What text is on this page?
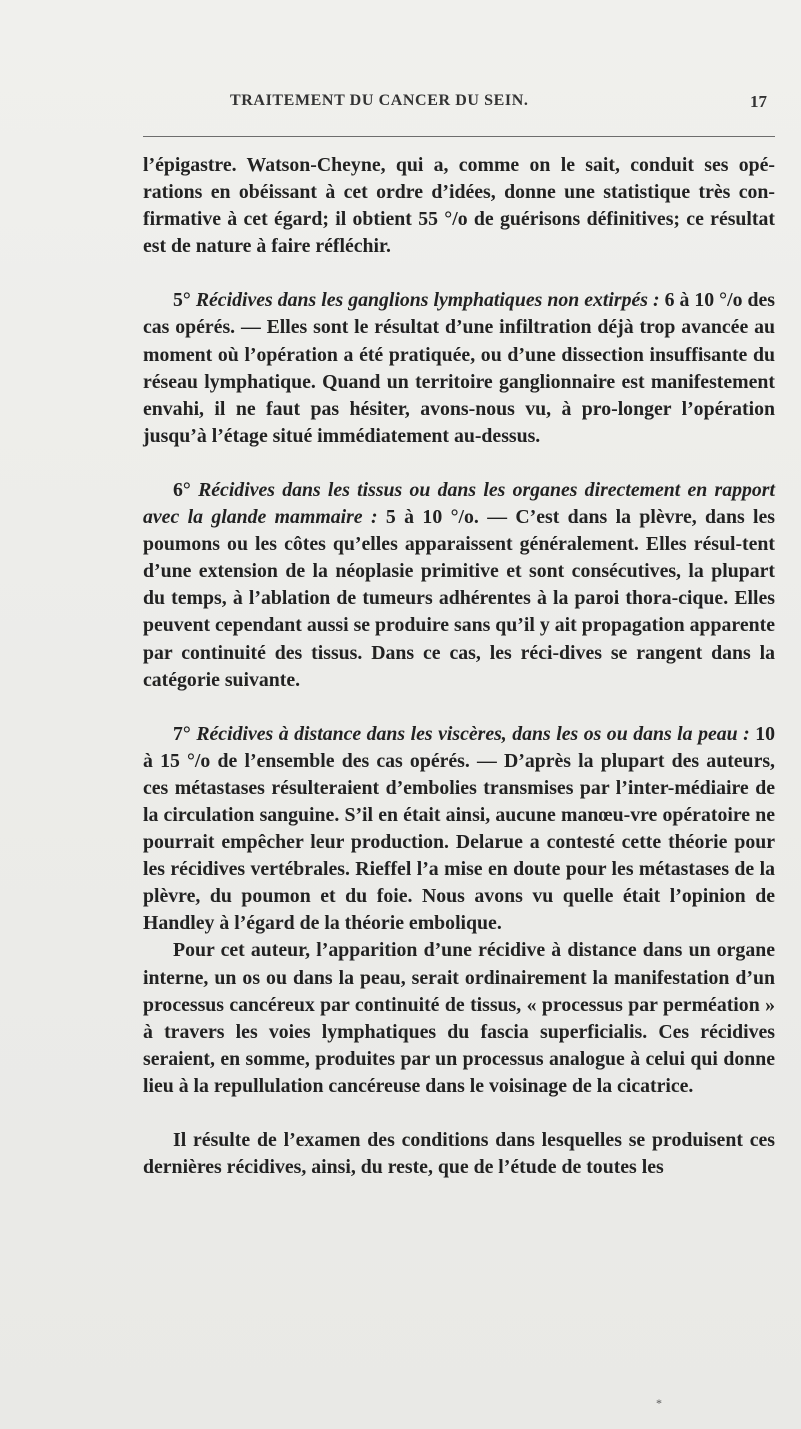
TRAITEMENT DU CANCER DU SEIN.	17

l’épigastre. Watson-Cheyne, qui a, comme on le sait, conduit ses opé-rations en obéissant à cet ordre d’idées, donne une statistique très con-firmative à cet égard; il obtient 55 °/o de guérisons définitives; ce résultat est de nature à faire réfléchir.

5° Récidives dans les ganglions lymphatiques non extirpés : 6 à 10 °/o des cas opérés. — Elles sont le résultat d’une infiltration déjà trop avancée au moment où l’opération a été pratiquée, ou d’une dissection insuffisante du réseau lymphatique. Quand un territoire ganglionnaire est manifestement envahi, il ne faut pas hésiter, avons-nous vu, à pro-longer l’opération jusqu’à l’étage situé immédiatement au-dessus.

6° Récidives dans les tissus ou dans les organes directement en rapport avec la glande mammaire : 5 à 10 °/o. — C’est dans la plèvre, dans les poumons ou les côtes qu’elles apparaissent généralement. Elles résul-tent d’une extension de la néoplasie primitive et sont consécutives, la plupart du temps, à l’ablation de tumeurs adhérentes à la paroi thora-cique. Elles peuvent cependant aussi se produire sans qu’il y ait propagation apparente par continuité des tissus. Dans ce cas, les réci-dives se rangent dans la catégorie suivante.

7° Récidives à distance dans les viscères, dans les os ou dans la peau : 10 à 15 °/o de l’ensemble des cas opérés. — D’après la plupart des auteurs, ces métastases résulteraient d’embolies transmises par l’inter-médiaire de la circulation sanguine. S’il en était ainsi, aucune manœu-vre opératoire ne pourrait empêcher leur production. Delarue a contesté cette théorie pour les récidives vertébrales. Rieffel l’a mise en doute pour les métastases de la plèvre, du poumon et du foie. Nous avons vu quelle était l’opinion de Handley à l’égard de la théorie embolique.

Pour cet auteur, l’apparition d’une récidive à distance dans un organe interne, un os ou dans la peau, serait ordinairement la manifestation d’un processus cancéreux par continuité de tissus, « processus par perméation » à travers les voies lymphatiques du fascia superficialis. Ces récidives seraient, en somme, produites par un processus analogue à celui qui donne lieu à la repullulation cancéreuse dans le voisinage de la cicatrice.

Il résulte de l’examen des conditions dans lesquelles se produisent ces dernières récidives, ainsi, du reste, que de l’étude de toutes les

*
